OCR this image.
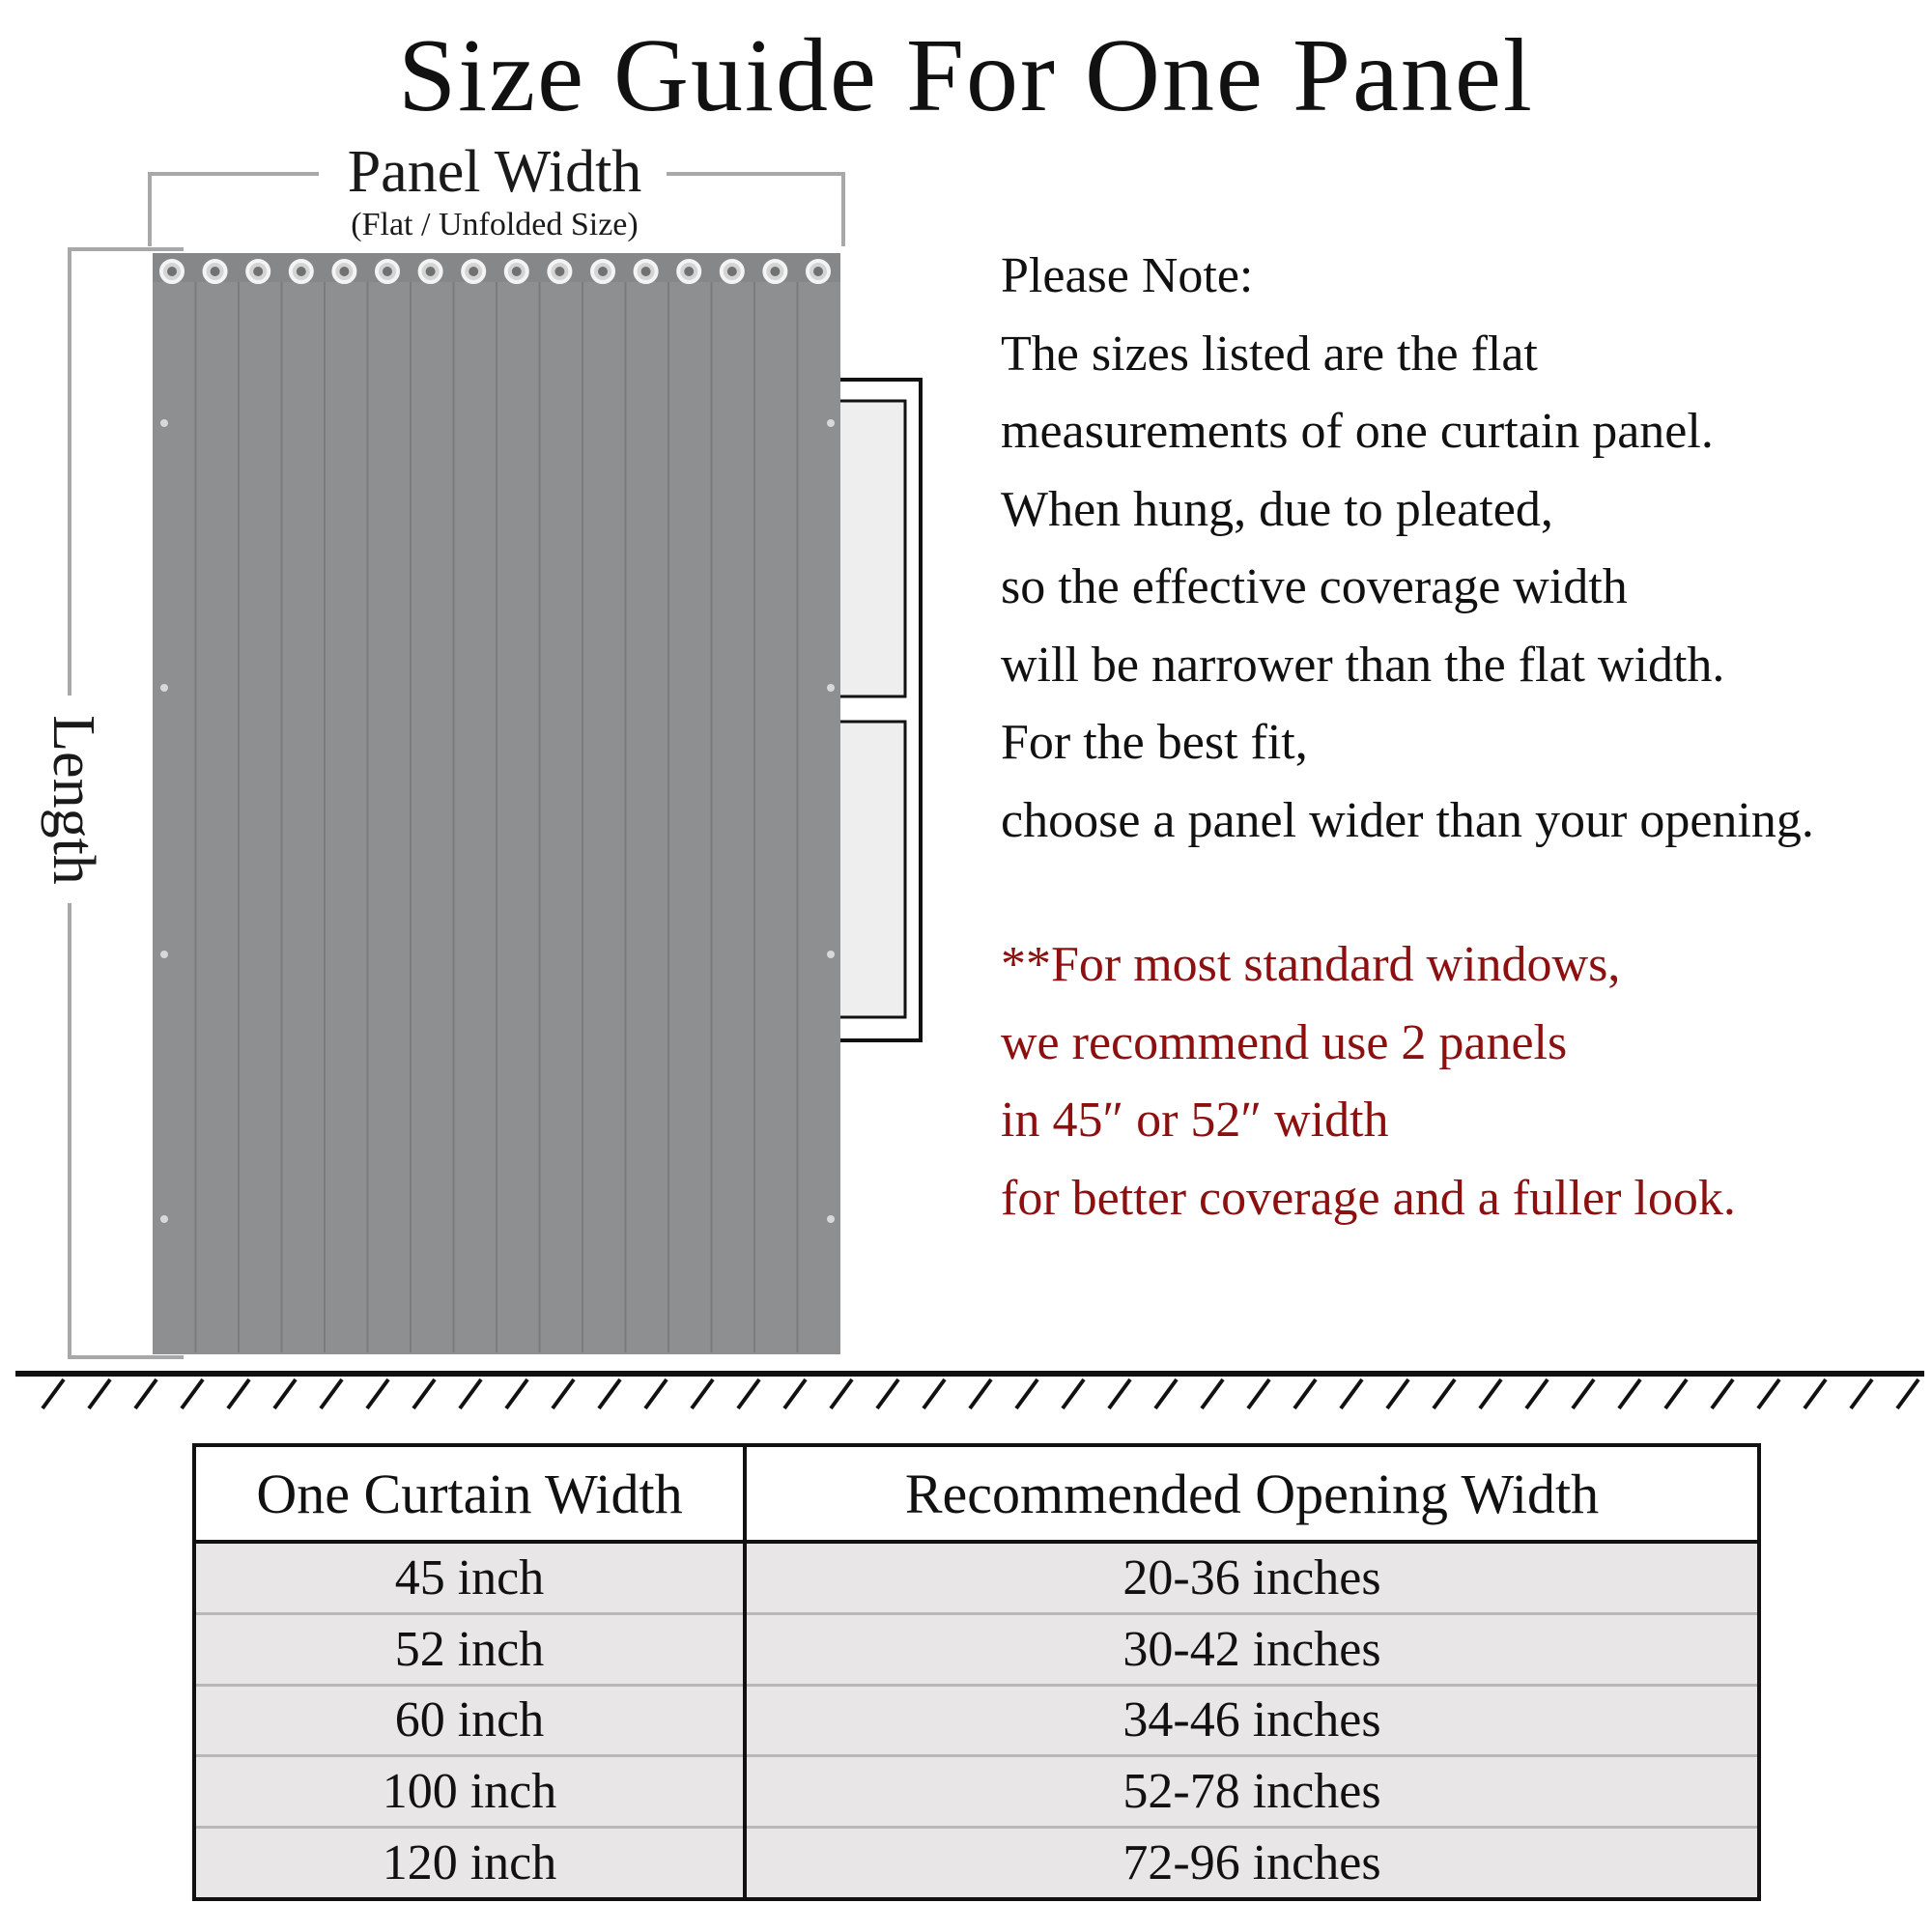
Size Guide For One Panel
Panel Width
(Flat / Unfolded Size)
Length
Please Note:
The sizes listed are the flat
measurements of one curtain panel.
When hung, due to pleated,
so the effective coverage width
will be narrower than the flat width.
For the best fit,
choose a panel wider than your opening.
**For most standard windows,
we recommend use 2 panels
in 45″ or 52″ width
for better coverage and a fuller look.
One Curtain Width	Recommended Opening Width
45 inch	20-36 inches
52 inch	30-42 inches
60 inch	34-46 inches
100 inch	52-78 inches
120 inch	72-96 inches
